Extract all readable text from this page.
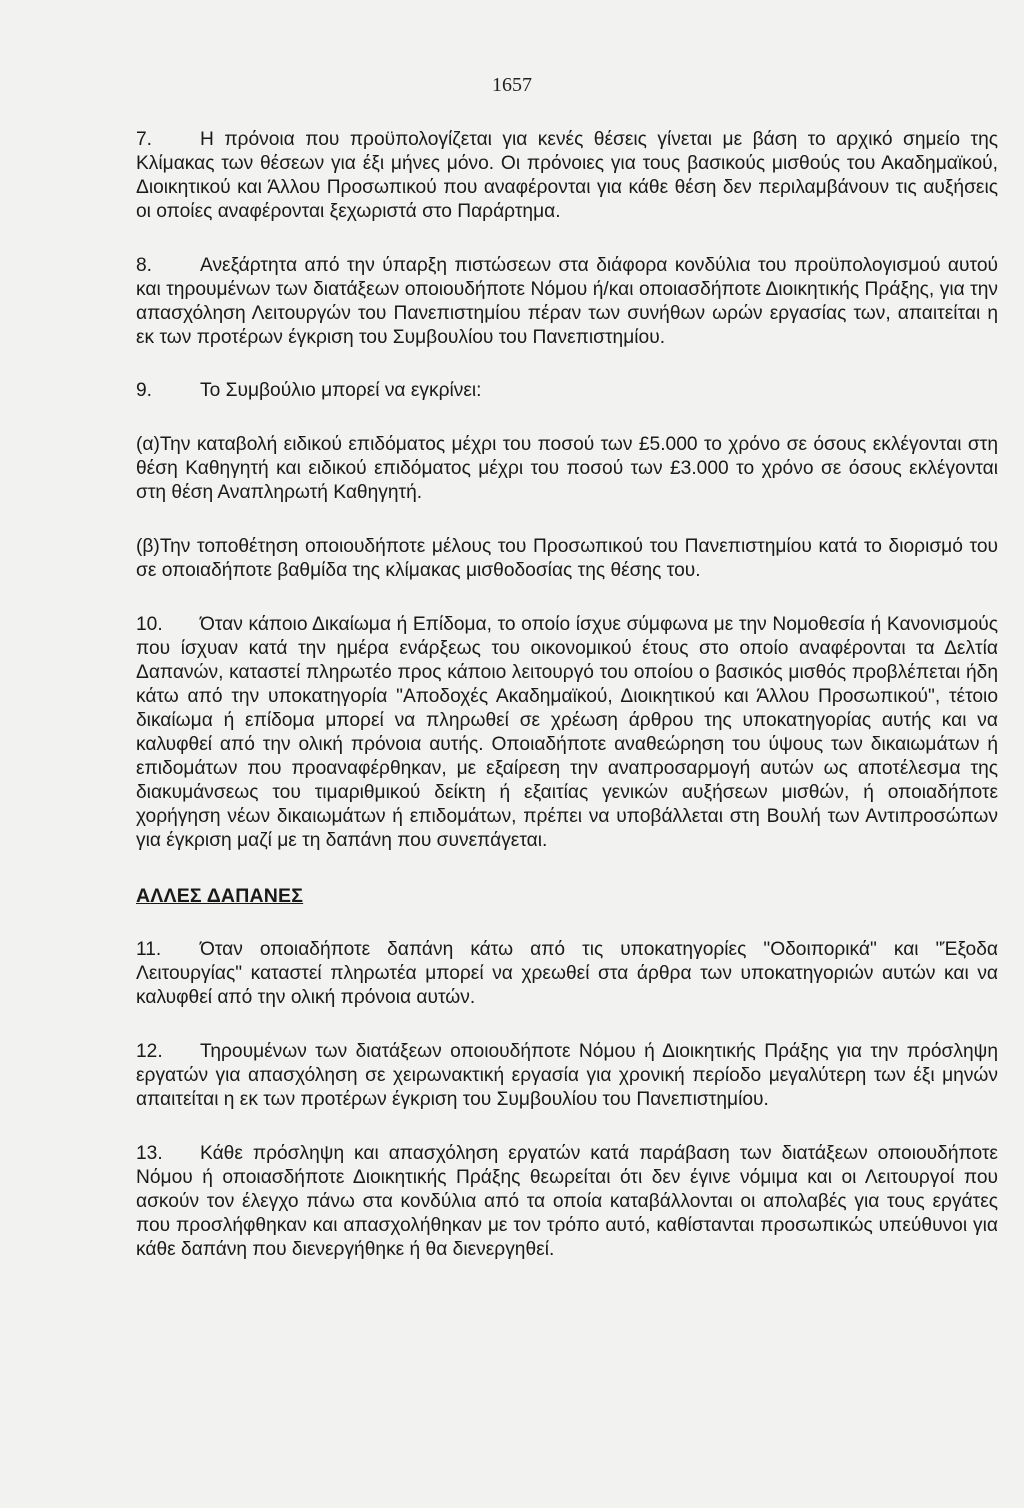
1657

7. Η πρόνοια που προϋπολογίζεται για κενές θέσεις γίνεται με βάση το αρχικό σημείο της Κλίμακας των θέσεων για έξι μήνες μόνο. Οι πρόνοιες για τους βασικούς μισθούς του Ακαδημαϊκού, Διοικητικού και Άλλου Προσωπικού που αναφέρονται για κάθε θέση δεν περιλαμβάνουν τις αυξήσεις οι οποίες αναφέρονται ξεχωριστά στο Παράρτημα.

8. Ανεξάρτητα από την ύπαρξη πιστώσεων στα διάφορα κονδύλια του προϋπολογισμού αυτού και τηρουμένων των διατάξεων οποιουδήποτε Νόμου ή/και οποιασδήποτε Διοικητικής Πράξης, για την απασχόληση Λειτουργών του Πανεπιστημίου πέραν των συνήθων ωρών εργασίας των, απαιτείται η εκ των προτέρων έγκριση του Συμβουλίου του Πανεπιστημίου.

9. Το Συμβούλιο μπορεί να εγκρίνει:

(α)Την καταβολή ειδικού επιδόματος μέχρι του ποσού των £5.000 το χρόνο σε όσους εκλέγονται στη θέση Καθηγητή και ειδικού επιδόματος μέχρι του ποσού των £3.000 το χρόνο σε όσους εκλέγονται στη θέση Αναπληρωτή Καθηγητή.

(β)Την τοποθέτηση οποιουδήποτε μέλους του Προσωπικού του Πανεπιστημίου κατά το διορισμό του σε οποιαδήποτε βαθμίδα της κλίμακας μισθοδοσίας της θέσης του.

10. Όταν κάποιο Δικαίωμα ή Επίδομα, το οποίο ίσχυε σύμφωνα με την Νομοθεσία ή Κανονισμούς που ίσχυαν κατά την ημέρα ενάρξεως του οικονομικού έτους στο οποίο αναφέρονται τα Δελτία Δαπανών, καταστεί πληρωτέο προς κάποιο λειτουργό του οποίου ο βασικός μισθός προβλέπεται ήδη κάτω από την υποκατηγορία "Αποδοχές Ακαδημαϊκού, Διοικητικού και Άλλου Προσωπικού", τέτοιο δικαίωμα ή επίδομα μπορεί να πληρωθεί σε χρέωση άρθρου της υποκατηγορίας αυτής και να καλυφθεί από την ολική πρόνοια αυτής. Οποιαδήποτε αναθεώρηση του ύψους των δικαιωμάτων ή επιδομάτων που προαναφέρθηκαν, με εξαίρεση την αναπροσαρμογή αυτών ως αποτέλεσμα της διακυμάνσεως του τιμαριθμικού δείκτη ή εξαιτίας γενικών αυξήσεων μισθών, ή οποιαδήποτε χορήγηση νέων δικαιωμάτων ή επιδομάτων, πρέπει να υποβάλλεται στη Βουλή των Αντιπροσώπων για έγκριση μαζί με τη δαπάνη που συνεπάγεται.

ΑΛΛΕΣ ΔΑΠΑΝΕΣ

11. Όταν οποιαδήποτε δαπάνη κάτω από τις υποκατηγορίες "Οδοιπορικά" και "Έξοδα Λειτουργίας" καταστεί πληρωτέα μπορεί να χρεωθεί στα άρθρα των υποκατηγοριών αυτών και να καλυφθεί από την ολική πρόνοια αυτών.

12. Τηρουμένων των διατάξεων οποιουδήποτε Νόμου ή Διοικητικής Πράξης για την πρόσληψη εργατών για απασχόληση σε χειρωνακτική εργασία για χρονική περίοδο μεγαλύτερη των έξι μηνών απαιτείται η εκ των προτέρων έγκριση του Συμβουλίου του Πανεπιστημίου.

13. Κάθε πρόσληψη και απασχόληση εργατών κατά παράβαση των διατάξεων οποιουδήποτε Νόμου ή οποιασδήποτε Διοικητικής Πράξης θεωρείται ότι δεν έγινε νόμιμα και οι Λειτουργοί που ασκούν τον έλεγχο πάνω στα κονδύλια από τα οποία καταβάλλονται οι απολαβές για τους εργάτες που προσλήφθηκαν και απασχολήθηκαν με τον τρόπο αυτό, καθίστανται προσωπικώς υπεύθυνοι για κάθε δαπάνη που διενεργήθηκε ή θα διενεργηθεί.
